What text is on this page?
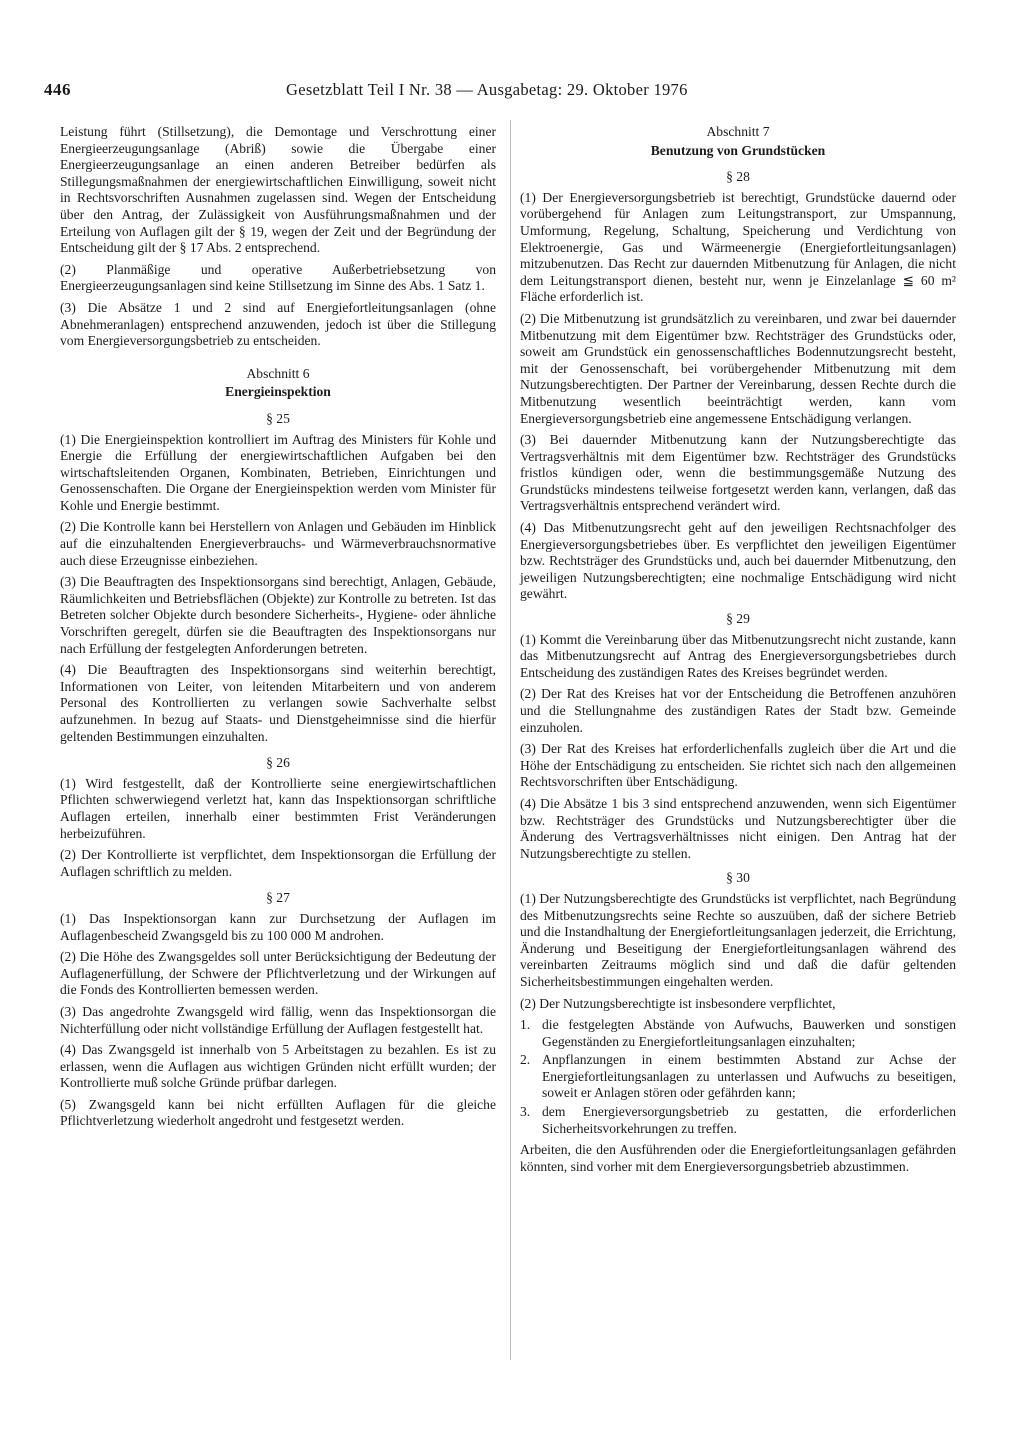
446	Gesetzblatt Teil I Nr. 38 — Ausgabetag: 29. Oktober 1976

Leistung führt (Stillsetzung), die Demontage und Verschrottung einer Energieerzeugungsanlage (Abriß) sowie die Übergabe einer Energieerzeugungsanlage an einen anderen Betreiber bedürfen als Stillegungsmaßnahmen der energiewirtschaftlichen Einwilligung, soweit nicht in Rechtsvorschriften Ausnahmen zugelassen sind. Wegen der Entscheidung über den Antrag, der Zulässigkeit von Ausführungsmaßnahmen und der Erteilung von Auflagen gilt der § 19, wegen der Zeit und der Begründung der Entscheidung gilt der § 17 Abs. 2 entsprechend.

(2) Planmäßige und operative Außerbetriebsetzung von Energieerzeugungsanlagen sind keine Stillsetzung im Sinne des Abs. 1 Satz 1.

(3) Die Absätze 1 und 2 sind auf Energiefortleitungsanlagen (ohne Abnehmeranlagen) entsprechend anzuwenden, jedoch ist über die Stillegung vom Energieversorgungsbetrieb zu entscheiden.

Abschnitt 6
Energieinspektion
§ 25

(1) Die Energieinspektion kontrolliert im Auftrag des Ministers für Kohle und Energie die Erfüllung der energiewirtschaftlichen Aufgaben bei den wirtschaftsleitenden Organen, Kombinaten, Betrieben, Einrichtungen und Genossenschaften. Die Organe der Energieinspektion werden vom Minister für Kohle und Energie bestimmt.

(2) Die Kontrolle kann bei Herstellern von Anlagen und Gebäuden im Hinblick auf die einzuhaltenden Energieverbrauchs- und Wärmeverbrauchsnormative auch diese Erzeugnisse einbeziehen.

(3) Die Beauftragten des Inspektionsorgans sind berechtigt, Anlagen, Gebäude, Räumlichkeiten und Betriebsflächen (Objekte) zur Kontrolle zu betreten. Ist das Betreten solcher Objekte durch besondere Sicherheits-, Hygiene- oder ähnliche Vorschriften geregelt, dürfen sie die Beauftragten des Inspektionsorgans nur nach Erfüllung der festgelegten Anforderungen betreten.

(4) Die Beauftragten des Inspektionsorgans sind weiterhin berechtigt, Informationen von Leiter, von leitenden Mitarbeitern und von anderem Personal des Kontrollierten zu verlangen sowie Sachverhalte selbst aufzunehmen. In bezug auf Staats- und Dienstgeheimnisse sind die hierfür geltenden Bestimmungen einzuhalten.

§ 26

(1) Wird festgestellt, daß der Kontrollierte seine energiewirtschaftlichen Pflichten schwerwiegend verletzt hat, kann das Inspektionsorgan schriftliche Auflagen erteilen, innerhalb einer bestimmten Frist Veränderungen herbeizuführen.

(2) Der Kontrollierte ist verpflichtet, dem Inspektionsorgan die Erfüllung der Auflagen schriftlich zu melden.

§ 27

(1) Das Inspektionsorgan kann zur Durchsetzung der Auflagen im Auflagenbescheid Zwangsgeld bis zu 100 000 M androhen.

(2) Die Höhe des Zwangsgeldes soll unter Berücksichtigung der Bedeutung der Auflagenerfüllung, der Schwere der Pflichtverletzung und der Wirkungen auf die Fonds des Kontrollierten bemessen werden.

(3) Das angedrohte Zwangsgeld wird fällig, wenn das Inspektionsorgan die Nichterfüllung oder nicht vollständige Erfüllung der Auflagen festgestellt hat.

(4) Das Zwangsgeld ist innerhalb von 5 Arbeitstagen zu bezahlen. Es ist zu erlassen, wenn die Auflagen aus wichtigen Gründen nicht erfüllt wurden; der Kontrollierte muß solche Gründe prüfbar darlegen.

(5) Zwangsgeld kann bei nicht erfüllten Auflagen für die gleiche Pflichtverletzung wiederholt angedroht und festgesetzt werden.

Abschnitt 7
Benutzung von Grundstücken
§ 28

(1) Der Energieversorgungsbetrieb ist berechtigt, Grundstücke dauernd oder vorübergehend für Anlagen zum Leitungstransport, zur Umspannung, Umformung, Regelung, Schaltung, Speicherung und Verdichtung von Elektroenergie, Gas und Wärmeenergie (Energiefortleitungsanlagen) mitzubenutzen. Das Recht zur dauernden Mitbenutzung für Anlagen, die nicht dem Leitungstransport dienen, besteht nur, wenn je Einzelanlage ≦ 60 m² Fläche erforderlich ist.

(2) Die Mitbenutzung ist grundsätzlich zu vereinbaren, und zwar bei dauernder Mitbenutzung mit dem Eigentümer bzw. Rechtsträger des Grundstücks oder, soweit am Grundstück ein genossenschaftliches Bodennutzungsrecht besteht, mit der Genossenschaft, bei vorübergehender Mitbenutzung mit dem Nutzungsberechtigten. Der Partner der Vereinbarung, dessen Rechte durch die Mitbenutzung wesentlich beeinträchtigt werden, kann vom Energieversorgungsbetrieb eine angemessene Entschädigung verlangen.

(3) Bei dauernder Mitbenutzung kann der Nutzungsberechtigte das Vertragsverhältnis mit dem Eigentümer bzw. Rechtsträger des Grundstücks fristlos kündigen oder, wenn die bestimmungsgemäße Nutzung des Grundstücks mindestens teilweise fortgesetzt werden kann, verlangen, daß das Vertragsverhältnis entsprechend verändert wird.

(4) Das Mitbenutzungsrecht geht auf den jeweiligen Rechtsnachfolger des Energieversorgungsbetriebes über. Es verpflichtet den jeweiligen Eigentümer bzw. Rechtsträger des Grundstücks und, auch bei dauernder Mitbenutzung, den jeweiligen Nutzungsberechtigten; eine nochmalige Entschädigung wird nicht gewährt.

§ 29

(1) Kommt die Vereinbarung über das Mitbenutzungsrecht nicht zustande, kann das Mitbenutzungsrecht auf Antrag des Energieversorgungsbetriebes durch Entscheidung des zuständigen Rates des Kreises begründet werden.

(2) Der Rat des Kreises hat vor der Entscheidung die Betroffenen anzuhören und die Stellungnahme des zuständigen Rates der Stadt bzw. Gemeinde einzuholen.

(3) Der Rat des Kreises hat erforderlichenfalls zugleich über die Art und die Höhe der Entschädigung zu entscheiden. Sie richtet sich nach den allgemeinen Rechtsvorschriften über Entschädigung.

(4) Die Absätze 1 bis 3 sind entsprechend anzuwenden, wenn sich Eigentümer bzw. Rechtsträger des Grundstücks und Nutzungsberechtigter über die Änderung des Vertragsverhältnisses nicht einigen. Den Antrag hat der Nutzungsberechtigte zu stellen.

§ 30

(1) Der Nutzungsberechtigte des Grundstücks ist verpflichtet, nach Begründung des Mitbenutzungsrechts seine Rechte so auszuüben, daß der sichere Betrieb und die Instandhaltung der Energiefortleitungsanlagen jederzeit, die Errichtung, Änderung und Beseitigung der Energiefortleitungsanlagen während des vereinbarten Zeitraums möglich sind und daß die dafür geltenden Sicherheitsbestimmungen eingehalten werden.

(2) Der Nutzungsberechtigte ist insbesondere verpflichtet,

1. die festgelegten Abstände von Aufwuchs, Bauwerken und sonstigen Gegenständen zu Energiefortleitungsanlagen einzuhalten;
2. Anpflanzungen in einem bestimmten Abstand zur Achse der Energiefortleitungsanlagen zu unterlassen und Aufwuchs zu beseitigen, soweit er Anlagen stören oder gefährden kann;
3. dem Energieversorgungsbetrieb zu gestatten, die erforderlichen Sicherheitsvorkehrungen zu treffen.

Arbeiten, die den Ausführenden oder die Energiefortleitungsanlagen gefährden könnten, sind vorher mit dem Energieversorgungsbetrieb abzustimmen.
